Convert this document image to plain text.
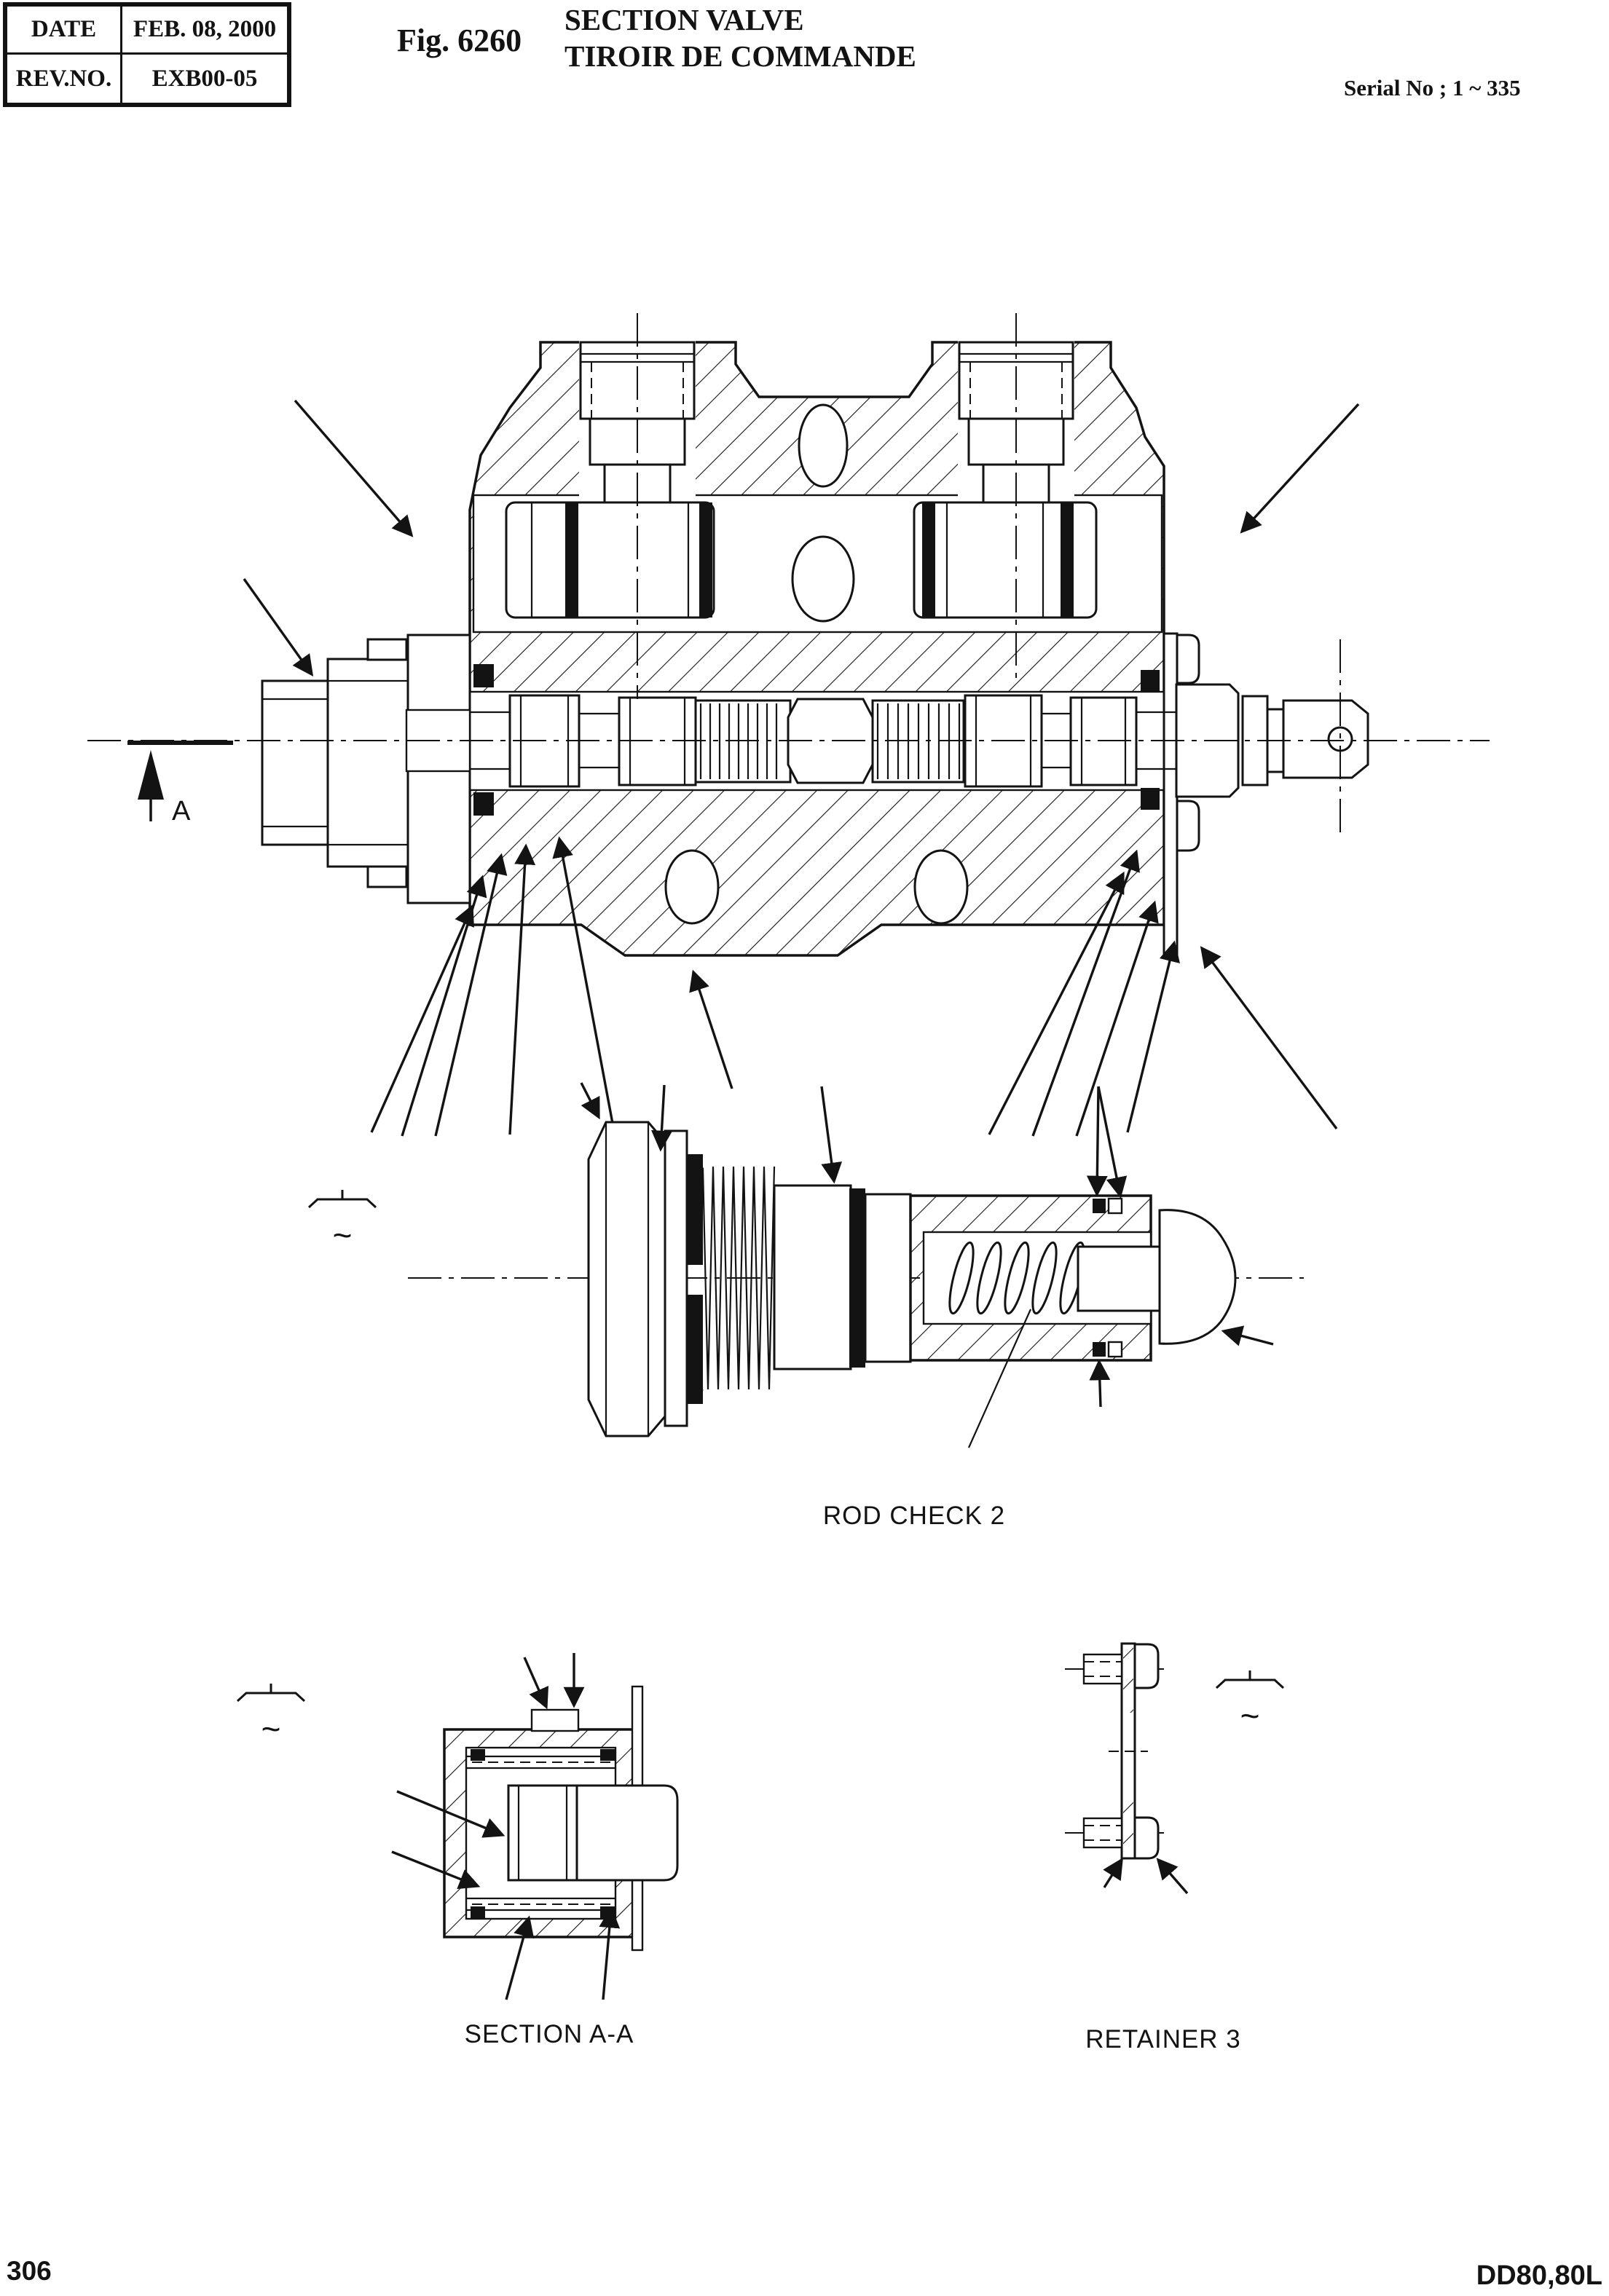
DATE	FEB. 08, 2000
REV.NO.	EXB00-05
Fig. 6260
SECTION VALVE
TIROIR DE COMMANDE
Serial No ; 1 ~ 335
A
~
ROD CHECK 2
~
SECTION A-A
~
RETAINER 3
306	DD80,80L
